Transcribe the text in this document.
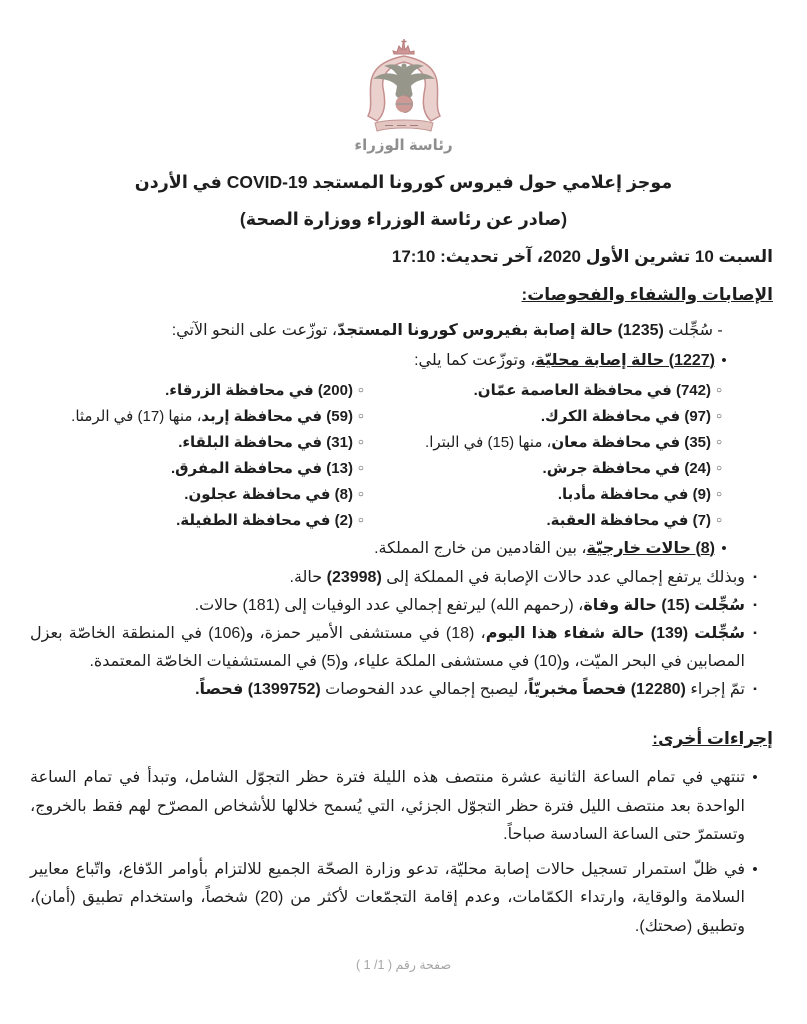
رئاسة الوزراء
موجز إعلامي حول فيروس كورونا المستجد COVID-19 في الأردن
(صادر عن رئاسة الوزراء ووزارة الصحة)
السبت 10 تشرين الأول 2020، آخر تحديث: 17:10
الإصابات والشفاء والفحوصات:
-
سُجِّلت (1235) حالة إصابة بفيروس كورونا المستجدّ، توزّعت على النحو الآتي:
•
(1227) حالة إصابة محليّة، وتوزّعت كما يلي:
○
(742) في محافظة العاصمة عمّان.
○
(97) في محافظة الكرك.
○
(35) في محافظة معان، منها (15) في البترا.
○
(24) في محافظة جرش.
○
(9) في محافظة مأدبا.
○
(7) في محافظة العقبة.
○
(200) في محافظة الزرقاء.
○
(59) في محافظة إربد، منها (17) في الرمثا.
○
(31) في محافظة البلقاء.
○
(13) في محافظة المفرق.
○
(8) في محافظة عجلون.
○
(2) في محافظة الطفيلة.
•
(8) حالات خارجيّة، بين القادمين من خارج المملكة.
▪
وبذلك يرتفع إجمالي عدد حالات الإصابة في المملكة إلى (23998) حالة.
▪
سُجِّلت (15) حالة وفاة، (رحمهم الله) ليرتفع إجمالي عدد الوفيات إلى (181) حالات.
▪
سُجِّلت (139) حالة شفاء هذا اليوم، (18) في مستشفى الأمير حمزة، و(106) في المنطقة الخاصّة بعزل المصابين في البحر الميّت، و(10) في مستشفى الملكة علياء، و(5) في المستشفيات الخاصّة المعتمدة.
▪
تمّ إجراء (12280) فحصاً مخبريّاً، ليصبح إجمالي عدد الفحوصات (1399752) فحصاً.
إجراءات أخرى:
•
تنتهي في تمام الساعة الثانية عشرة منتصف هذه الليلة فترة حظر التجوّل الشامل، وتبدأ في تمام الساعة الواحدة بعد منتصف الليل فترة حظر التجوّل الجزئي، التي يُسمح خلالها للأشخاص المصرّح لهم فقط بالخروج، وتستمرّ حتى الساعة السادسة صباحاً.
•
في ظلّ استمرار تسجيل حالات إصابة محليّة، تدعو وزارة الصحّة الجميع للالتزام بأوامر الدّفاع، واتّباع معايير السلامة والوقاية، وارتداء الكمّامات، وعدم إقامة التجمّعات لأكثر من (20) شخصاً، واستخدام تطبيق (أمان)، وتطبيق (صحتك).
صفحة رقم ( 1/ 1 )
